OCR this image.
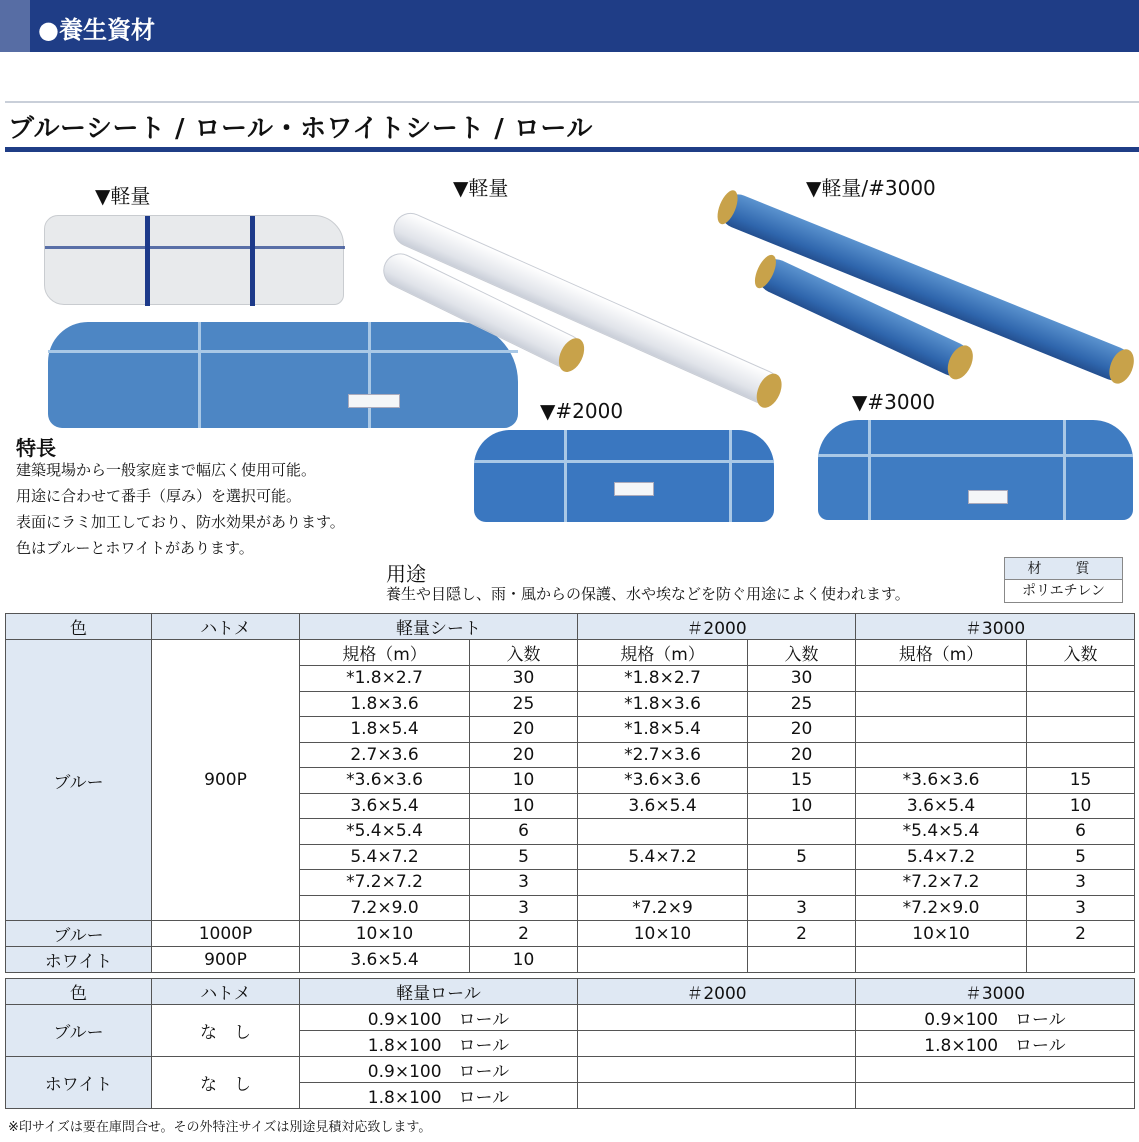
●養生資材
ブルーシート / ロール・ホワイトシート / ロール
▼軽量	▼軽量	▼軽量/#3000
▼#2000	▼#3000
特長
建築現場から一般家庭まで幅広く使用可能。
用途に合わせて番手（厚み）を選択可能。
表面にラミ加工しており、防水効果があります。
色はブルーとホワイトがあります。
用途
養生や目隠し、雨・風からの保護、水や埃などを防ぐ用途によく使われます。
材　質
ポリエチレン
色	ハトメ	軽量シート		＃2000		＃3000	
ブルー	900P	規格（m）	入数	規格（m）	入数	規格（m）	入数
		*1.8×2.7	30	*1.8×2.7	30		
		1.8×3.6	25	*1.8×3.6	25		
		1.8×5.4	20	*1.8×5.4	20		
		2.7×3.6	20	*2.7×3.6	20		
		*3.6×3.6	10	*3.6×3.6	15	*3.6×3.6	15
		3.6×5.4	10	3.6×5.4	10	3.6×5.4	10
		*5.4×5.4	6			*5.4×5.4	6
		5.4×7.2	5	5.4×7.2	5	5.4×7.2	5
		*7.2×7.2	3			*7.2×7.2	3
		7.2×9.0	3	*7.2×9	3	*7.2×9.0	3
ブルー	1000P	10×10	2	10×10	2	10×10	2
ホワイト	900P	3.6×5.4	10				
色	ハトメ	軽量ロール	＃2000	＃3000
ブルー	な　し	0.9×100　ロール		0.9×100　ロール
		1.8×100　ロール		1.8×100　ロール
ホワイト	な　し	0.9×100　ロール		
		1.8×100　ロール		
※印サイズは要在庫問合せ。その外特注サイズは別途見積対応致します。
